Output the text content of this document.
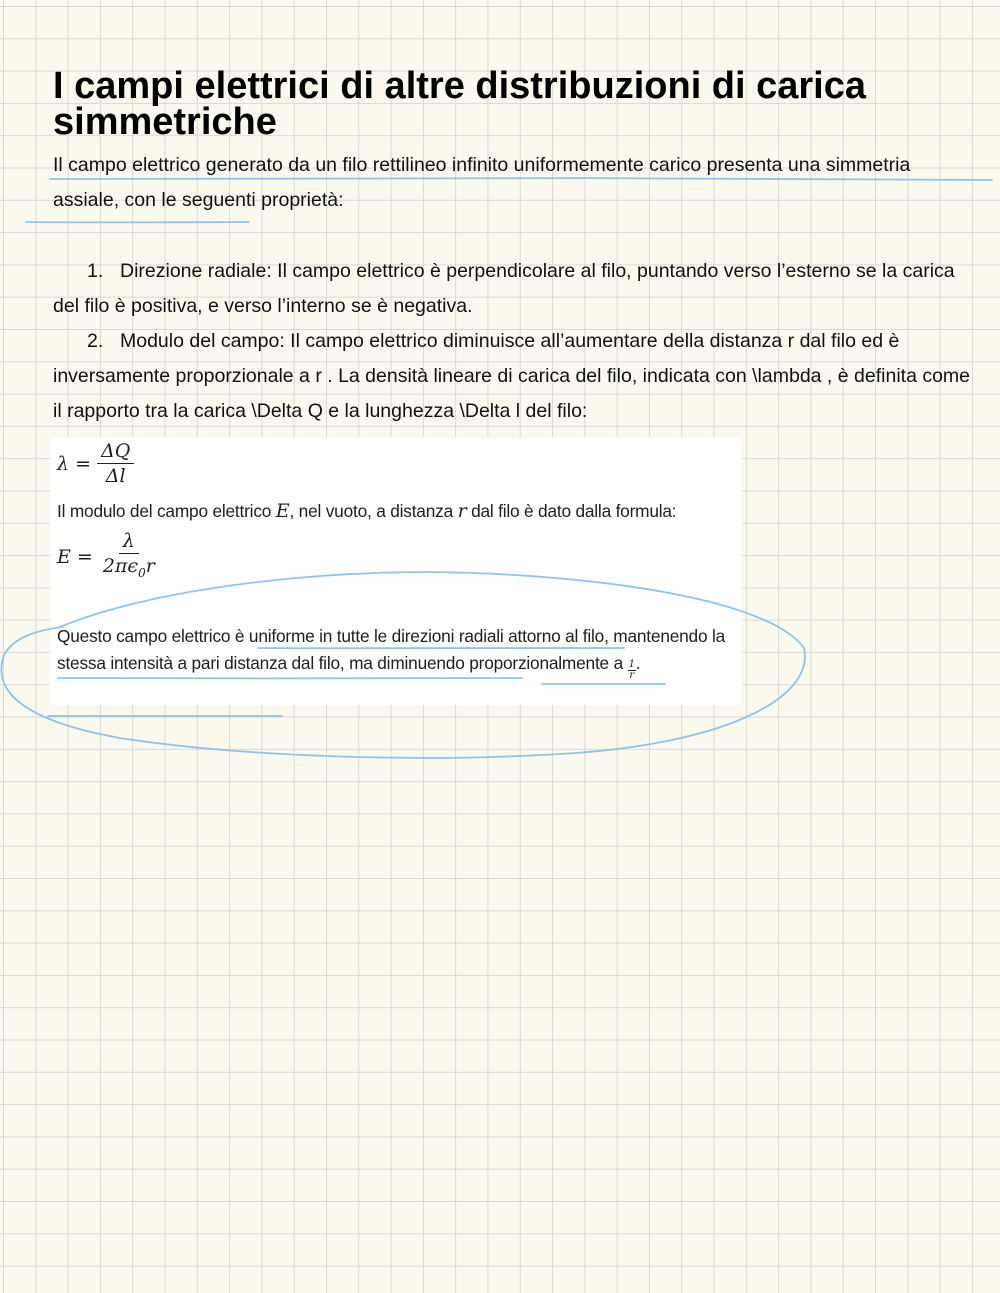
I campi elettrici di altre distribuzioni di carica simmetriche

Il campo elettrico generato da un filo rettilineo infinito uniformemente carico presenta una simmetria assiale, con le seguenti proprietà:

1. Direzione radiale: Il campo elettrico è perpendicolare al filo, puntando verso l’esterno se la carica del filo è positiva, e verso l’interno se è negativa.

2. Modulo del campo: Il campo elettrico diminuisce all’aumentare della distanza r dal filo ed è inversamente proporzionale a r . La densità lineare di carica del filo, indicata con \lambda , è definita come il rapporto tra la carica \Delta Q e la lunghezza \Delta l del filo:

$\lambda = \frac{\Delta Q}{\Delta l}$

Il modulo del campo elettrico E, nel vuoto, a distanza r dal filo è dato dalla formula:

$E = \frac{\lambda}{2\pi\epsilon_0r}$

Questo campo elettrico è uniforme in tutte le direzioni radiali attorno al filo, mantenendo la stessa intensità a pari distanza dal filo, ma diminuendo proporzionalmente a $\frac{1}{r}$ .
